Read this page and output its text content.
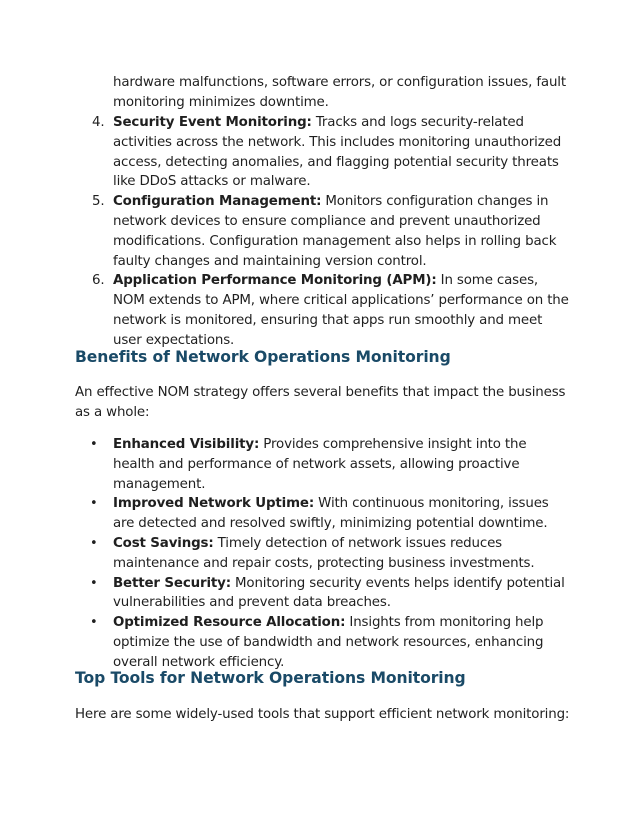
hardware malfunctions, software errors, or configuration issues, fault monitoring minimizes downtime.
4. Security Event Monitoring: Tracks and logs security-related activities across the network. This includes monitoring unauthorized access, detecting anomalies, and flagging potential security threats like DDoS attacks or malware.
5. Configuration Management: Monitors configuration changes in network devices to ensure compliance and prevent unauthorized modifications. Configuration management also helps in rolling back faulty changes and maintaining version control.
6. Application Performance Monitoring (APM): In some cases, NOM extends to APM, where critical applications’ performance on the network is monitored, ensuring that apps run smoothly and meet user expectations.
Benefits of Network Operations Monitoring
An effective NOM strategy offers several benefits that impact the business as a whole:
• Enhanced Visibility: Provides comprehensive insight into the health and performance of network assets, allowing proactive management.
• Improved Network Uptime: With continuous monitoring, issues are detected and resolved swiftly, minimizing potential downtime.
• Cost Savings: Timely detection of network issues reduces maintenance and repair costs, protecting business investments.
• Better Security: Monitoring security events helps identify potential vulnerabilities and prevent data breaches.
• Optimized Resource Allocation: Insights from monitoring help optimize the use of bandwidth and network resources, enhancing overall network efficiency.
Top Tools for Network Operations Monitoring
Here are some widely-used tools that support efficient network monitoring:
